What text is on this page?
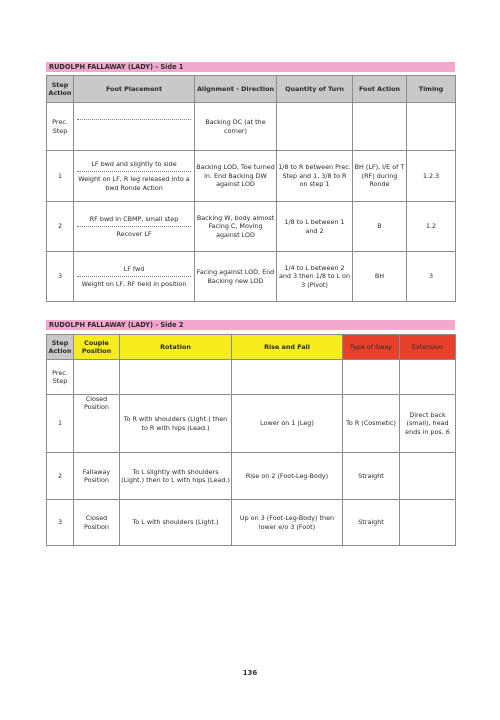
RUDOLPH FALLAWAY (LADY) - Side 1
Step Action	Foot Placement	Alignment - Direction	Quantity of Turn	Foot Action	Timing
Prec. Step		Backing DC (at the corner)			
1	LF bwd and slightly to side
Weight on LF, R leg released into a bwd Ronde Action	Backing LOD, Toe turned in. End Backing DW against LOD	1/8 to R between Prec. Step and 1, 3/8 to R on step 1	BH (LF), I/E of T (RF) during Ronde	1.2.3
2	RF bwd in CBMP, small step
Recover LF	Backing W, body almost Facing C, Moving against LOD	1/8 to L between 1 and 2	B	1.2
3	LF fwd
Weight on LF, RF held in position	Facing against LOD. End Backing new LOD	1/4 to L between 2 and 3 then 1/8 to L on 3 (Pivot)	BH	3
RUDOLPH FALLAWAY (LADY) - Side 2
Step Action	Couple Position	Rotation	Rise and Fall	Type of Sway	Extension
Prec. Step					
1	Closed Position	To R with shoulders (Light.) then to R with hips (Lead.)	Lower on 1 (Leg)	To R (Cosmetic)	Direct back (small), head ends in pos. 6
2	Fallaway Position	To L slightly with shoulders (Light.) then to L with hips (Lead.)	Rise on 2 (Foot-Leg-Body)	Straight	
3	Closed Position	To L with shoulders (Light.)	Up on 3 (Foot-Leg-Body) then lower e/o 3 (Foot)	Straight	
136
